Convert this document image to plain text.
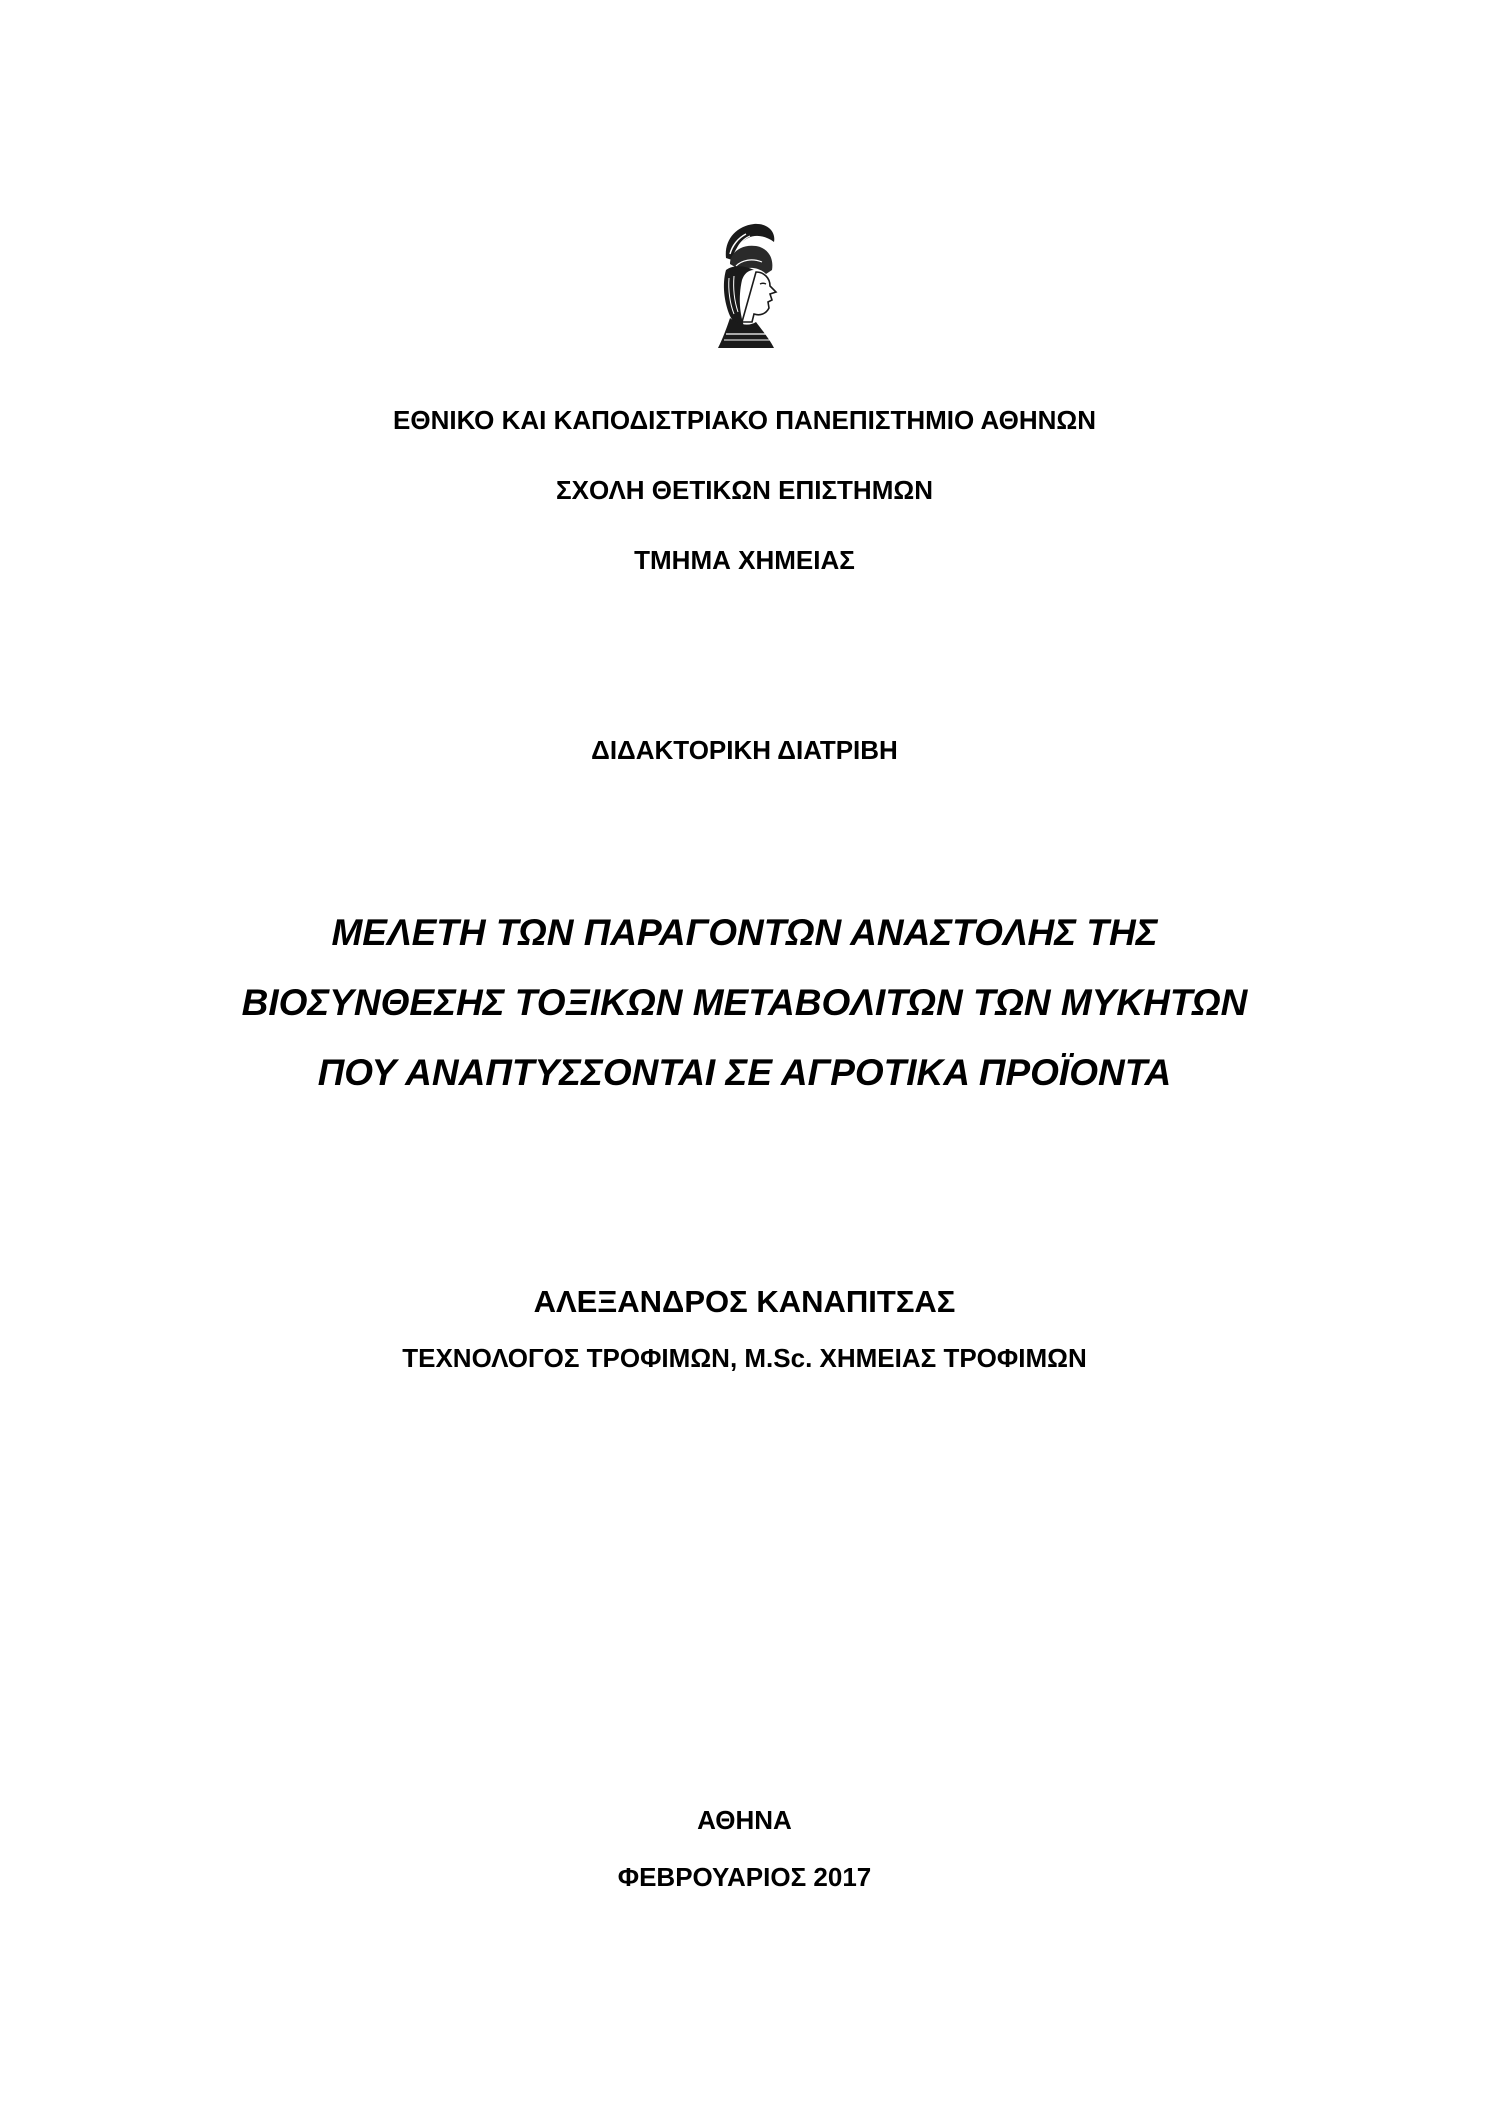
ΕΘΝΙΚΟ ΚΑΙ ΚΑΠΟΔΙΣΤΡΙΑΚΟ ΠΑΝΕΠΙΣΤΗΜΙΟ ΑΘΗΝΩΝ
ΣΧΟΛΗ ΘΕΤΙΚΩΝ ΕΠΙΣΤΗΜΩΝ
ΤΜΗΜΑ ΧΗΜΕΙΑΣ
ΔΙΔΑΚΤΟΡΙΚΗ ΔΙΑΤΡΙΒΗ
ΜΕΛΕΤΗ ΤΩΝ ΠΑΡΑΓΟΝΤΩΝ ΑΝΑΣΤΟΛΗΣ ΤΗΣ
ΒΙΟΣΥΝΘΕΣΗΣ ΤΟΞΙΚΩΝ ΜΕΤΑΒΟΛΙΤΩΝ ΤΩΝ ΜΥΚΗΤΩΝ
ΠΟΥ ΑΝΑΠΤΥΣΣΟΝΤΑΙ ΣΕ ΑΓΡΟΤΙΚΑ ΠΡΟΪΟΝΤΑ
ΑΛΕΞΑΝΔΡΟΣ ΚΑΝΑΠΙΤΣΑΣ
ΤΕΧΝΟΛΟΓΟΣ ΤΡΟΦΙΜΩΝ, M.Sc. ΧΗΜΕΙΑΣ ΤΡΟΦΙΜΩΝ
ΑΘΗΝΑ
ΦΕΒΡΟΥΑΡΙΟΣ 2017
